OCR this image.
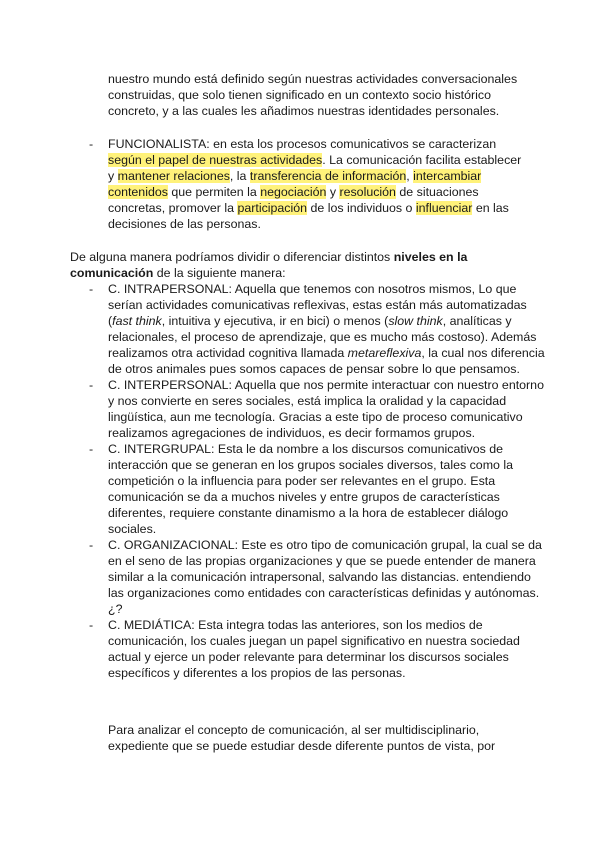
nuestro mundo está definido según nuestras actividades conversacionales construidas, que solo tienen significado en un contexto socio histórico concreto, y a las cuales les añadimos nuestras identidades personales.

-	FUNCIONALISTA: en esta los procesos comunicativos se caracterizan según el papel de nuestras actividades. La comunicación facilita establecer y mantener relaciones, la transferencia de información, intercambiar contenidos que permiten la negociación y resolución de situaciones concretas, promover la participación de los individuos o influenciar en las decisiones de las personas.

De alguna manera podríamos dividir o diferenciar distintos niveles en la comunicación de la siguiente manera:

- C. INTRAPERSONAL: Aquella que tenemos con nosotros mismos, Lo que serían actividades comunicativas reflexivas, estas están más automatizadas (fast think, intuitiva y ejecutiva, ir en bici) o menos (slow think, analíticas y relacionales, el proceso de aprendizaje, que es mucho más costoso). Además realizamos otra actividad cognitiva llamada metareflexiva, la cual nos diferencia de otros animales pues somos capaces de pensar sobre lo que pensamos.

- C. INTERPERSONAL: Aquella que nos permite interactuar con nuestro entorno y nos convierte en seres sociales, está implica la oralidad y la capacidad lingüística, aun me tecnología. Gracias a este tipo de proceso comunicativo realizamos agregaciones de individuos, es decir formamos grupos.

- C. INTERGRUPAL: Esta le da nombre a los discursos comunicativos de interacción que se generan en los grupos sociales diversos, tales como la competición o la influencia para poder ser relevantes en el grupo. Esta comunicación se da a muchos niveles y entre grupos de características diferentes, requiere constante dinamismo a la hora de establecer diálogo sociales.

- C. ORGANIZACIONAL: Este es otro tipo de comunicación grupal, la cual se da en el seno de las propias organizaciones y que se puede entender de manera similar a la comunicación intrapersonal, salvando las distancias. entendiendo las organizaciones como entidades con características definidas y autónomas. ¿?

- C. MEDIÁTICA: Esta integra todas las anteriores, son los medios de comunicación, los cuales juegan un papel significativo en nuestra sociedad actual y ejerce un poder relevante para determinar los discursos sociales específicos y diferentes a los propios de las personas.

Para analizar el concepto de comunicación, al ser multidisciplinario, expediente que se puede estudiar desde diferente puntos de vista, por
